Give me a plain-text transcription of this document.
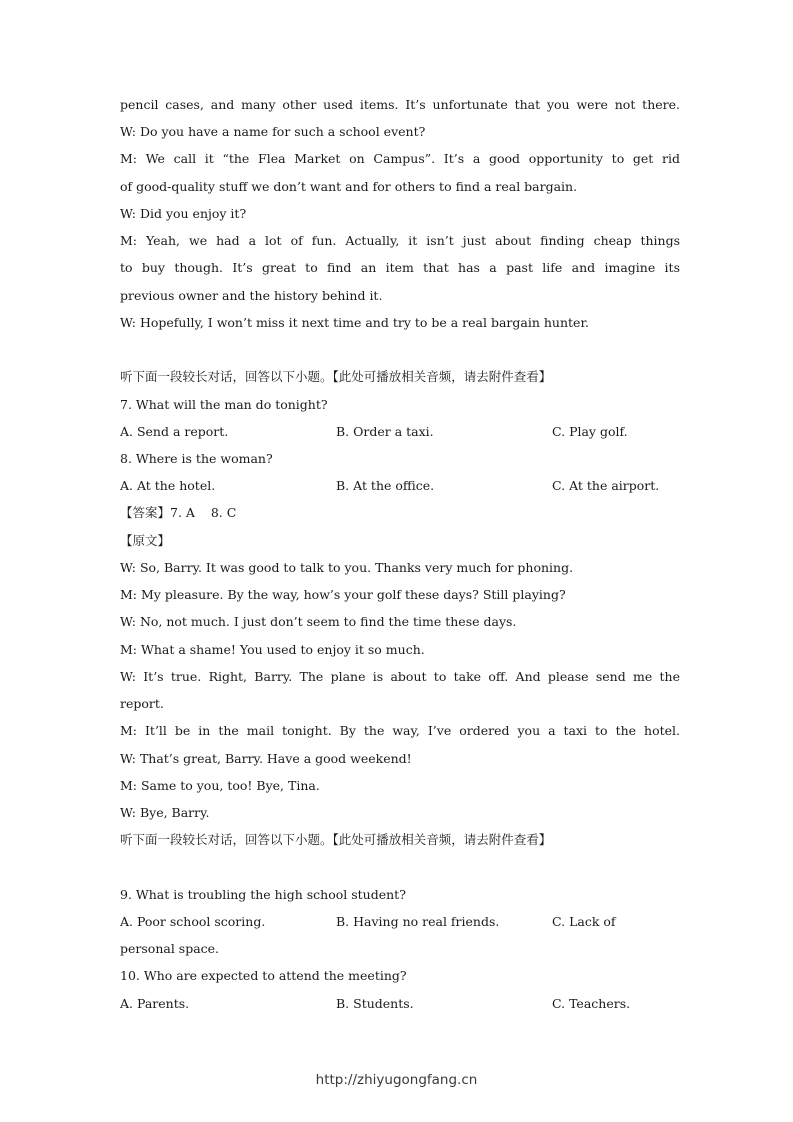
pencil cases, and many other used items. It’s unfortunate that you were not there.
W: Do you have a name for such a school event?
M: We call it “the Flea Market on Campus”. It’s a good opportunity to get rid
of good-quality stuff we don’t want and for others to find a real bargain.
W: Did you enjoy it?
M: Yeah, we had a lot of fun. Actually, it isn’t just about finding cheap things
to buy though. It’s great to find an item that has a past life and imagine its
previous owner and the history behind it.
W: Hopefully, I won’t miss it next time and try to be a real bargain hunter.
听下面一段较长对话，回答以下小题。【此处可播放相关音频，请去附件查看】
7. What will the man do tonight?
A. Send a report.	B. Order a taxi.	C. Play golf.
8. Where is the woman?
A. At the hotel.	B. At the office.	C. At the airport.
【答案】7. A    8. C
【原文】
W: So, Barry. It was good to talk to you. Thanks very much for phoning.
M: My pleasure. By the way, how’s your golf these days? Still playing?
W: No, not much. I just don’t seem to find the time these days.
M: What a shame! You used to enjoy it so much.
W: It’s true. Right, Barry. The plane is about to take off. And please send me the
report.
M: It’ll be in the mail tonight. By the way, I’ve ordered you a taxi to the hotel.
W: That’s great, Barry. Have a good weekend!
M: Same to you, too! Bye, Tina.
W: Bye, Barry.
听下面一段较长对话，回答以下小题。【此处可播放相关音频，请去附件查看】
9. What is troubling the high school student?
A. Poor school scoring.	B. Having no real friends.	C. Lack of
personal space.
10. Who are expected to attend the meeting?
A. Parents.	B. Students.	C. Teachers.
http://zhiyugongfang.cn
